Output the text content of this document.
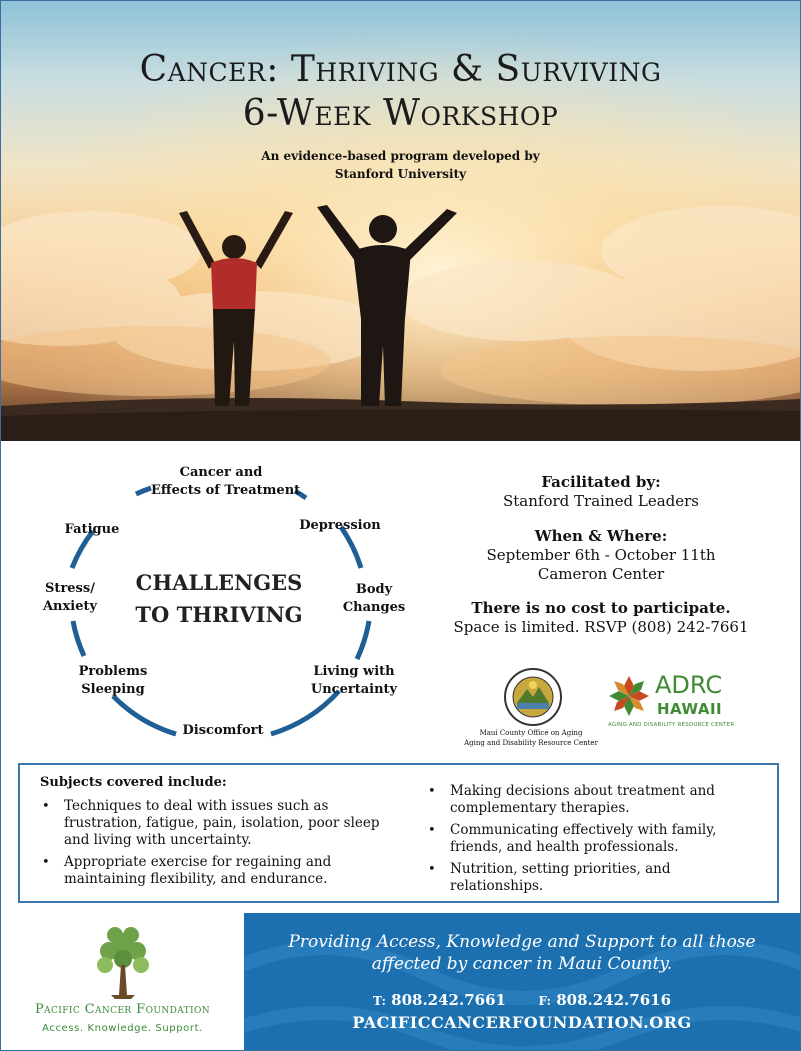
Cancer: Thriving & Surviving
6-Week Workshop
An evidence-based program developed by
Stanford University
Cancer and
Effects of Treatment
Depression
Body
Changes
Living with
Uncertainty
Discomfort
Problems
Sleeping
Stress/
Anxiety
Fatigue
CHALLENGES
TO THRIVING
Facilitated by:
Stanford Trained Leaders
When & Where:
September 6th - October 11th
Cameron Center
There is no cost to participate.
Space is limited. RSVP (808) 242-7661
Maui County Office on Aging
Aging and Disability Resource Center
ADRC
HAWAII
AGING AND DISABILITY RESOURCE CENTER
Subjects covered include:
• Techniques to deal with issues such as frustration, fatigue, pain, isolation, poor sleep and living with uncertainty.
• Appropriate exercise for regaining and maintaining flexibility, and endurance.
• Making decisions about treatment and complementary therapies.
• Communicating effectively with family, friends, and health professionals.
• Nutrition, setting priorities, and relationships.
Pacific Cancer Foundation
Access. Knowledge. Support.
Providing Access, Knowledge and Support to all those
affected by cancer in Maui County.
T: 808.242.7661	F: 808.242.7616
PACIFICCANCERFOUNDATION.ORG
